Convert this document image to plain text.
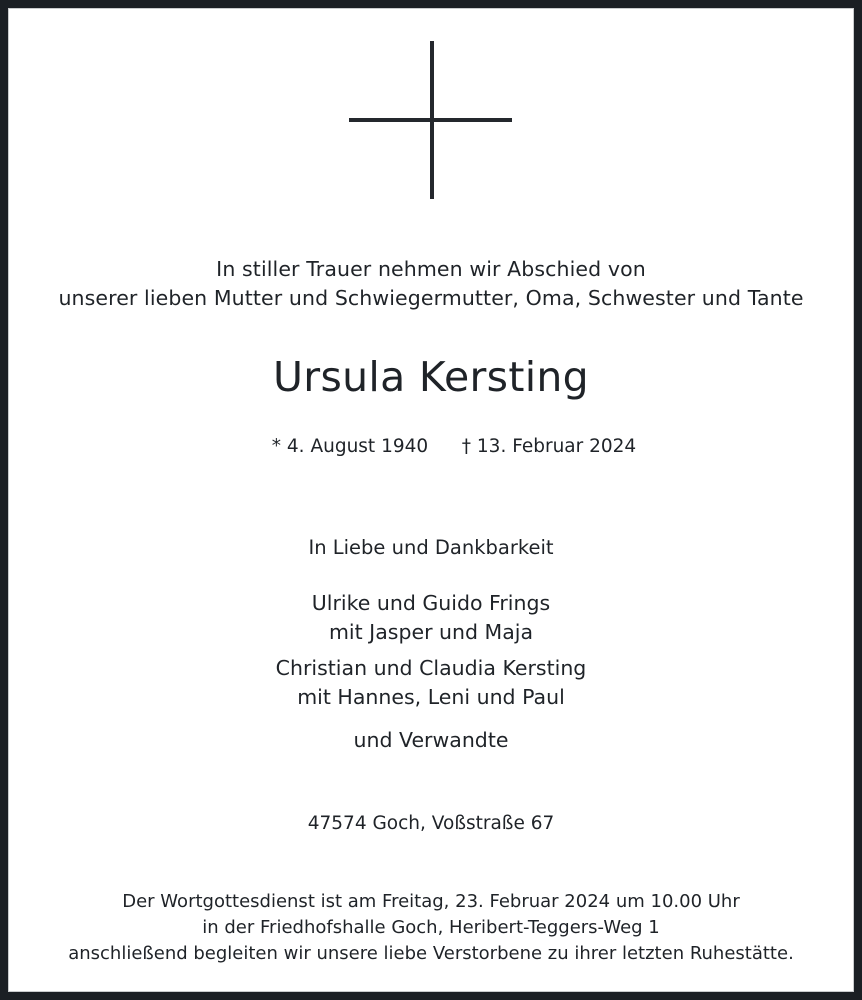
In stiller Trauer nehmen wir Abschied von
unserer lieben Mutter und Schwiegermutter, Oma, Schwester und Tante
Ursula Kersting
* 4. August 1940	† 13. Februar 2024
In Liebe und Dankbarkeit
Ulrike und Guido Frings
mit Jasper und Maja
Christian und Claudia Kersting
mit Hannes, Leni und Paul
und Verwandte
47574 Goch, Voßstraße 67
Der Wortgottesdienst ist am Freitag, 23. Februar 2024 um 10.00 Uhr
in der Friedhofshalle Goch, Heribert-Teggers-Weg 1
anschließend begleiten wir unsere liebe Verstorbene zu ihrer letzten Ruhestätte.
